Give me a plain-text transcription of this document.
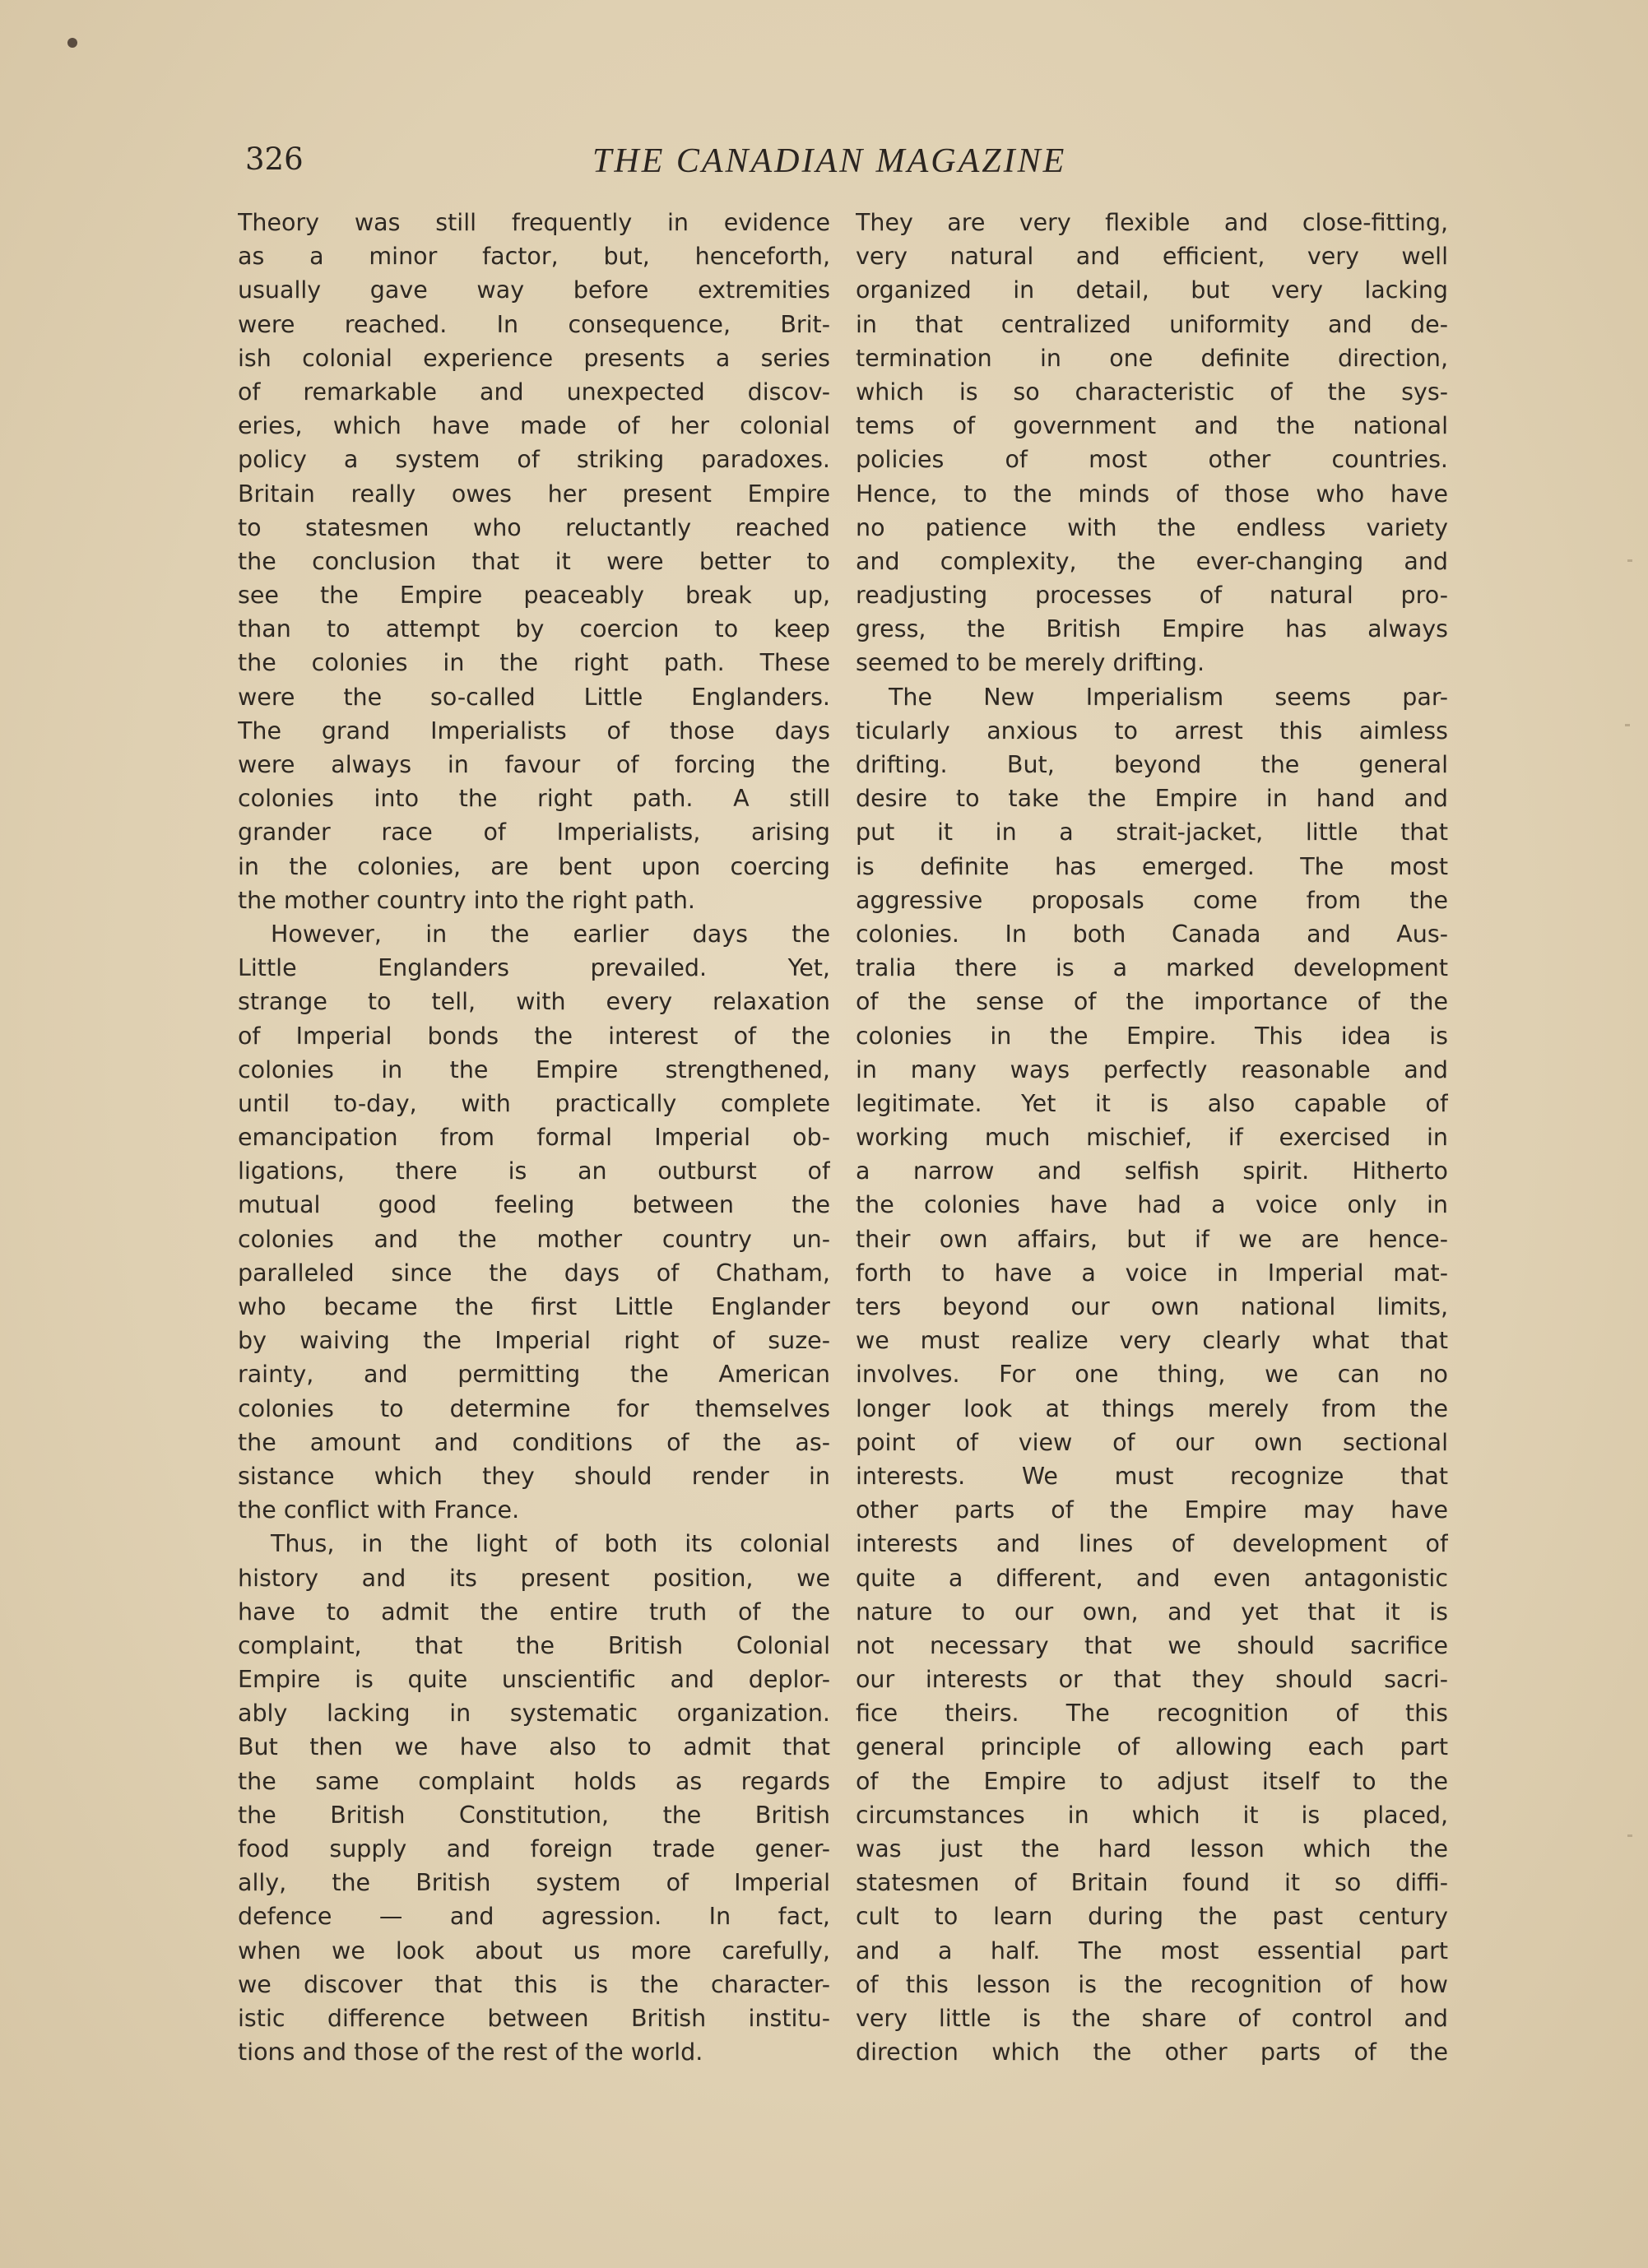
326	THE CANADIAN MAGAZINE
Theory was still frequently in evidence
as a minor factor, but, henceforth,
usually gave way before extremities
were reached. In consequence, Brit-
ish colonial experience presents a series
of remarkable and unexpected discov-
eries, which have made of her colonial
policy a system of striking paradoxes.
Britain really owes her present Empire
to statesmen who reluctantly reached
the conclusion that it were better to
see the Empire peaceably break up,
than to attempt by coercion to keep
the colonies in the right path. These
were the so-called Little Englanders.
The grand Imperialists of those days
were always in favour of forcing the
colonies into the right path. A still
grander race of Imperialists, arising
in the colonies, are bent upon coercing
the mother country into the right path.
However, in the earlier days the
Little Englanders prevailed. Yet,
strange to tell, with every relaxation
of Imperial bonds the interest of the
colonies in the Empire strengthened,
until to-day, with practically complete
emancipation from formal Imperial ob-
ligations, there is an outburst of
mutual good feeling between the
colonies and the mother country un-
paralleled since the days of Chatham,
who became the first Little Englander
by waiving the Imperial right of suze-
rainty, and permitting the American
colonies to determine for themselves
the amount and conditions of the as-
sistance which they should render in
the conflict with France.
Thus, in the light of both its colonial
history and its present position, we
have to admit the entire truth of the
complaint, that the British Colonial
Empire is quite unscientific and deplor-
ably lacking in systematic organization.
But then we have also to admit that
the same complaint holds as regards
the British Constitution, the British
food supply and foreign trade gener-
ally, the British system of Imperial
defence — and agression. In fact,
when we look about us more carefully,
we discover that this is the character-
istic difference between British institu-
tions and those of the rest of the world.
They are very flexible and close-fitting,
very natural and efficient, very well
organized in detail, but very lacking
in that centralized uniformity and de-
termination in one definite direction,
which is so characteristic of the sys-
tems of government and the national
policies of most other countries.
Hence, to the minds of those who have
no patience with the endless variety
and complexity, the ever-changing and
readjusting processes of natural pro-
gress, the British Empire has always
seemed to be merely drifting.
The New Imperialism seems par-
ticularly anxious to arrest this aimless
drifting. But, beyond the general
desire to take the Empire in hand and
put it in a strait-jacket, little that
is definite has emerged. The most
aggressive proposals come from the
colonies. In both Canada and Aus-
tralia there is a marked development
of the sense of the importance of the
colonies in the Empire. This idea is
in many ways perfectly reasonable and
legitimate. Yet it is also capable of
working much mischief, if exercised in
a narrow and selfish spirit. Hitherto
the colonies have had a voice only in
their own affairs, but if we are hence-
forth to have a voice in Imperial mat-
ters beyond our own national limits,
we must realize very clearly what that
involves. For one thing, we can no
longer look at things merely from the
point of view of our own sectional
interests. We must recognize that
other parts of the Empire may have
interests and lines of development of
quite a different, and even antagonistic
nature to our own, and yet that it is
not necessary that we should sacrifice
our interests or that they should sacri-
fice theirs. The recognition of this
general principle of allowing each part
of the Empire to adjust itself to the
circumstances in which it is placed,
was just the hard lesson which the
statesmen of Britain found it so diffi-
cult to learn during the past century
and a half. The most essential part
of this lesson is the recognition of how
very little is the share of control and
direction which the other parts of the
